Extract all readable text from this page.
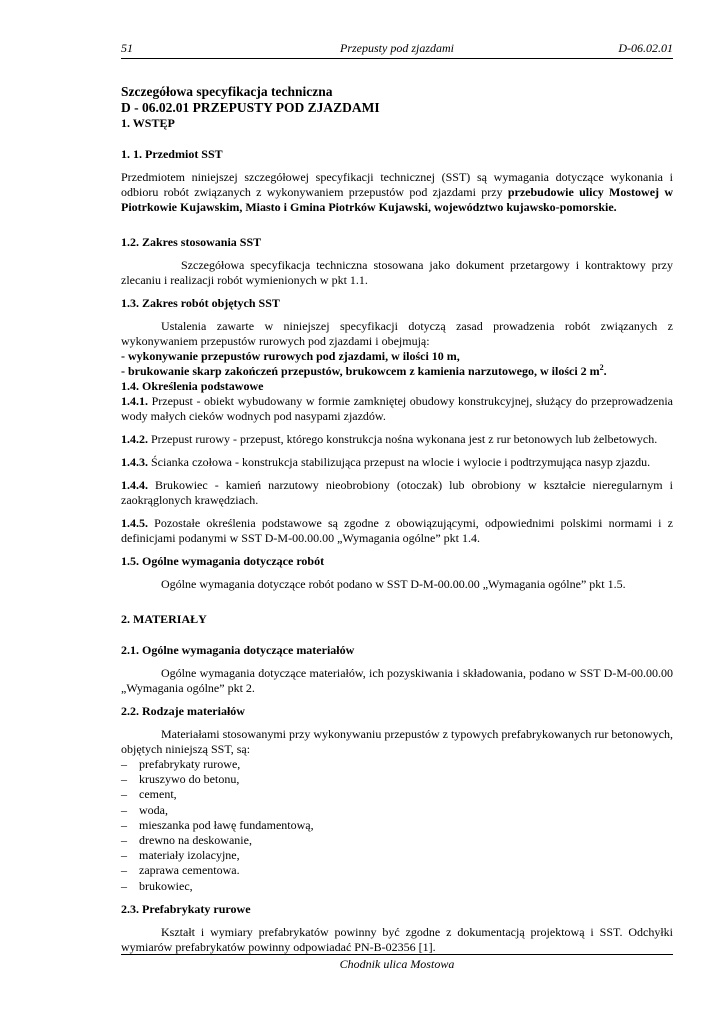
51	Przepusty pod zjazdami	D-06.02.01

Szczegółowa specyfikacja techniczna

D - 06.02.01 PRZEPUSTY POD ZJAZDAMI

1. WSTĘP

1. 1. Przedmiot SST

Przedmiotem niniejszej szczegółowej specyfikacji technicznej (SST) są wymagania dotyczące wykonania i odbioru robót związanych z wykonywaniem przepustów pod zjazdami przy przebudowie ulicy Mostowej w Piotrkowie Kujawskim, Miasto i Gmina Piotrków Kujawski, województwo kujawsko-pomorskie.

1.2. Zakres stosowania SST

Szczegółowa specyfikacja techniczna stosowana jako dokument przetargowy i kontraktowy przy zlecaniu i realizacji robót wymienionych w pkt 1.1.

1.3. Zakres robót objętych SST

Ustalenia zawarte w niniejszej specyfikacji dotyczą zasad prowadzenia robót związanych z wykonywaniem przepustów rurowych pod zjazdami i obejmują:

- wykonywanie przepustów rurowych pod zjazdami, w ilości 10 m,

- brukowanie skarp zakończeń przepustów, brukowcem z kamienia narzutowego, w ilości 2 $m^2$.

1.4. Określenia podstawowe

1.4.1. Przepust - obiekt wybudowany w formie zamkniętej obudowy konstrukcyjnej, służący do przeprowadzenia wody małych cieków wodnych pod nasypami zjazdów.

1.4.2. Przepust rurowy - przepust, którego konstrukcja nośna wykonana jest z rur betonowych lub żelbetowych.

1.4.3. Ścianka czołowa - konstrukcja stabilizująca przepust na wlocie i wylocie i podtrzymująca nasyp zjazdu.

1.4.4. Brukowiec - kamień narzutowy nieobrobiony (otoczak) lub obrobiony w kształcie nieregularnym i zaokrąglonych krawędziach.

1.4.5. Pozostałe określenia podstawowe są zgodne z obowiązującymi, odpowiednimi polskimi normami i z definicjami podanymi w SST D-M-00.00.00 „Wymagania ogólne” pkt 1.4.

1.5. Ogólne wymagania dotyczące robót

Ogólne wymagania dotyczące robót podano w SST D-M-00.00.00 „Wymagania ogólne” pkt 1.5.

2. MATERIAŁY

2.1. Ogólne wymagania dotyczące materiałów

Ogólne wymagania dotyczące materiałów, ich pozyskiwania i składowania, podano w SST D-M-00.00.00 „Wymagania ogólne” pkt 2.

2.2. Rodzaje materiałów

Materiałami stosowanymi przy wykonywaniu przepustów z typowych prefabrykowanych rur betonowych, objętych niniejszą SST, są:

– prefabrykaty rurowe,
– kruszywo do betonu,
– cement,
– woda,
– mieszanka pod ławę fundamentową,
– drewno na deskowanie,
– materiały izolacyjne,
– zaprawa cementowa.
– brukowiec,

2.3. Prefabrykaty rurowe

Kształt i wymiary prefabrykatów powinny być zgodne z dokumentacją projektową i SST. Odchyłki wymiarów prefabrykatów powinny odpowiadać PN-B-02356 [1].

Chodnik ulica Mostowa
